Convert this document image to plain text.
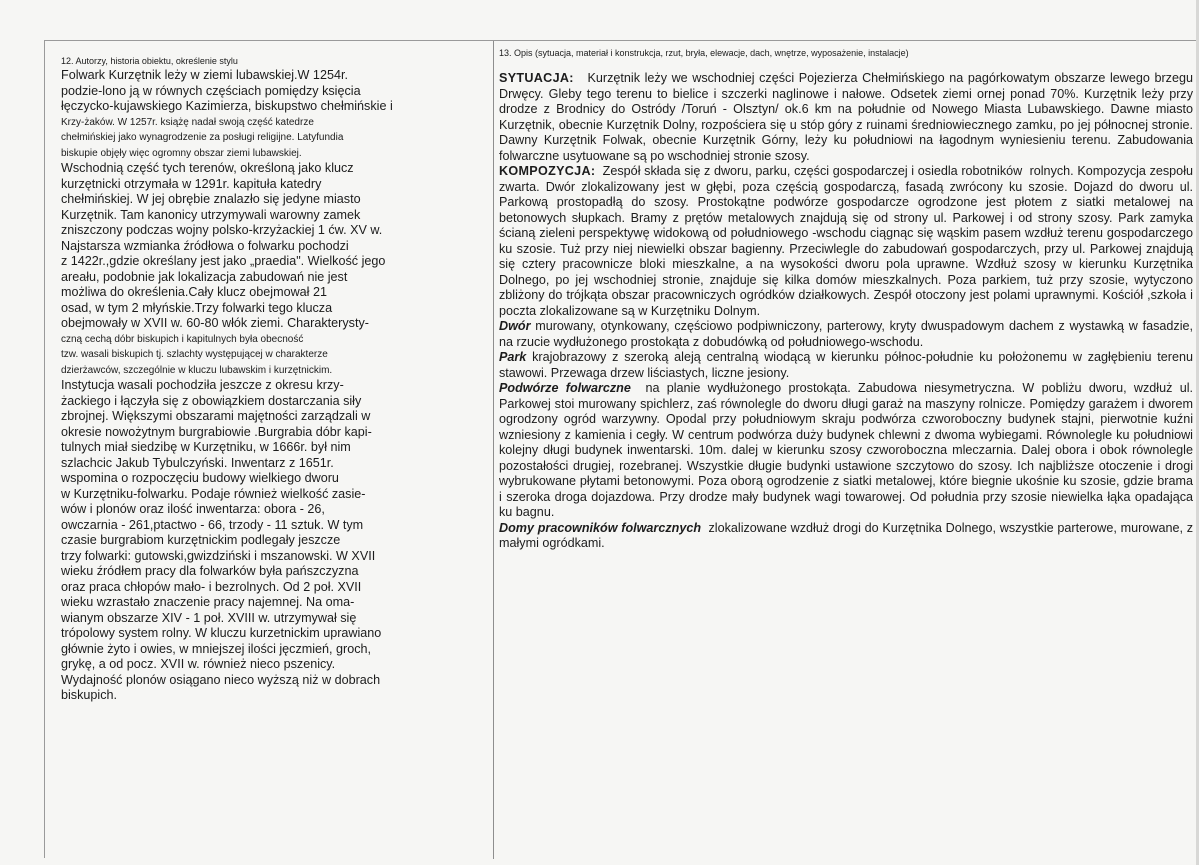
12. Autorzy, historia obiektu, określenie stylu

Folwark Kurzętnik leży w ziemi lubawskiej.W 1254r.

podzie-lono ją w równych częściach pomiędzy księcia

łęczycko-kujawskiego Kazimierza, biskupstwo chełmińskie i

Krzy-żaków. W 1257r. książę nadał swoją część katedrze

chełmińskiej jako wynagrodzenie za posługi religijne. Latyfundia

biskupie objęły więc ogromny obszar ziemi lubawskiej.

Wschodnią część tych terenów, określoną jako klucz

kurzętnicki otrzymała w 1291r. kapituła katedry

chełmińskiej. W jej obrębie znalazło się jedyne miasto

Kurzętnik. Tam kanonicy utrzymywali warowny zamek

zniszczony podczas wojny polsko-krzyżackiej 1 ćw. XV w.

Najstarsza wzmianka źródłowa o folwarku pochodzi

z 1422r.,gdzie określany jest jako „praedia". Wielkość jego

areału, podobnie jak lokalizacja zabudowań nie jest

możliwa do określenia.Cały klucz obejmował 21

osad, w tym 2 młyńskie.Trzy folwarki tego klucza

obejmowały w XVII w. 60-80 włók ziemi. Charakterysty-

czną cechą dóbr biskupich i kapitulnych była obecność

tzw. wasali biskupich tj. szlachty występującej w charakterze

dzierżawców, szczególnie w kluczu lubawskim i kurzętnickim.

Instytucja wasali pochodziła jeszcze z okresu krzy-

żackiego i łączyła się z obowiązkiem dostarczania siły

zbrojnej. Większymi obszarami majętności zarządzali w

okresie nowożytnym burgrabiowie .Burgrabia dóbr kapi-

tulnych miał siedzibę w Kurzętniku, w 1666r. był nim

szlachcic Jakub Tybulczyński. Inwentarz z 1651r.

wspomina o rozpoczęciu budowy wielkiego dworu

w Kurzętniku-folwarku. Podaje również wielkość zasie-

wów i plonów oraz ilość inwentarza: obora - 26,

owczarnia - 261,ptactwo - 66, trzody - 11 sztuk. W tym

czasie burgrabiom kurzętnickim podlegały jeszcze

trzy folwarki: gutowski,gwizdziński i mszanowski. W XVII

wieku źródłem pracy dla folwarków była pańszczyzna

oraz praca chłopów mało- i bezrolnych. Od 2 poł. XVII

wieku wzrastało znaczenie pracy najemnej. Na oma-

wianym obszarze XIV - 1 poł. XVIII w. utrzymywał się

trópolowy system rolny. W kluczu kurzetnickim uprawiano

głównie żyto i owies, w mniejszej ilości jęczmień, groch,

grykę, a od pocz. XVII w. również nieco pszenicy.

Wydajność plonów osiągano nieco wyższą niż w dobrach

biskupich.

13. Opis (sytuacja, materiał i konstrukcja, rzut, bryła, elewacje, dach, wnętrze, wyposażenie, instalacje)

SYTUACJA:   Kurzętnik leży we wschodniej części Pojezierza Chełmińskiego na pagórkowatym obszarze lewego brzegu Drwęcy. Gleby tego terenu to bielice i szczerki naglinowe i nałowe. Odsetek ziemi ornej ponad 70%. Kurzętnik leży przy drodze z Brodnicy do Ostródy /Toruń - Olsztyn/ ok.6 km na południe od Nowego Miasta Lubawskiego. Dawne miasto Kurzętnik, obecnie Kurzętnik Dolny, rozpościera się u stóp góry z ruinami średniowiecznego zamku, po jej północnej stronie. Dawny Kurzętnik Folwak, obecnie Kurzętnik Górny, leży ku południowi na łagodnym wyniesieniu terenu. Zabudowania folwarczne usytuowane są po wschodniej stronie szosy.

KOMPOZYCJA:  Zespół składa się z dworu, parku, części gospodarczej i osiedla robotników  rolnych. Kompozycja zespołu zwarta. Dwór zlokalizowany jest w głębi, poza częścią gospodarczą, fasadą zwrócony ku szosie. Dojazd do dworu ul. Parkową prostopadłą do szosy. Prostokątne podwórze gospodarcze ogrodzone jest płotem z siatki metalowej na betonowych słupkach. Bramy z prętów metalowych znajdują się od strony ul. Parkowej i od strony szosy. Park zamyka ścianą zieleni perspektywę widokową od południowego -wschodu ciągnąc się wąskim pasem wzdłuż terenu gospodarczego ku szosie. Tuż przy niej niewielki obszar bagienny. Przeciwlegle do zabudowań gospodarczych, przy ul. Parkowej znajdują się cztery pracownicze bloki mieszkalne, a na wysokości dworu pola uprawne. Wzdłuż szosy w kierunku Kurzętnika Dolnego, po jej wschodniej stronie, znajduje się kilka domów mieszkalnych. Poza parkiem, tuż przy szosie, wytyczono zbliżony do trójkąta obszar pracowniczych ogródków działkowych. Zespół otoczony jest polami uprawnymi. Kościół ,szkoła i poczta zlokalizowane są w Kurzętniku Dolnym.

Dwór murowany, otynkowany, częściowo podpiwniczony, parterowy, kryty dwuspadowym dachem z wystawką w fasadzie, na rzucie wydłużonego prostokąta z dobudówką od południowego-wschodu.

Park krajobrazowy z szeroką aleją centralną wiodącą w kierunku północ-południe ku położonemu w zagłębieniu terenu stawowi. Przewaga drzew liściastych, liczne jesiony.

Podwórze folwarczne  na planie wydłużonego prostokąta. Zabudowa niesymetryczna. W pobliżu dworu, wzdłuż ul. Parkowej stoi murowany spichlerz, zaś równolegle do dworu długi garaż na maszyny rolnicze. Pomiędzy garażem i dworem ogrodzony ogród warzywny. Opodal przy południowym skraju podwórza czworoboczny budynek stajni, pierwotnie kuźni wzniesiony z kamienia i cegły. W centrum podwórza duży budynek chlewni z dwoma wybiegami. Równolegle ku południowi kolejny długi budynek inwentarski. 10m. dalej w kierunku szosy czworoboczna mleczarnia. Dalej obora i obok równolegle pozostałości drugiej, rozebranej. Wszystkie długie budynki ustawione szczytowo do szosy. Ich najbliższe otoczenie i drogi wybrukowane płytami betonowymi. Poza oborą ogrodzenie z siatki metalowej, które biegnie ukośnie ku szosie, gdzie brama i szeroka droga dojazdowa. Przy drodze mały budynek wagi towarowej. Od południa przy szosie niewielka łąka opadająca ku bagnu.

Domy pracowników folwarcznych  zlokalizowane wzdłuż drogi do Kurzętnika Dolnego, wszystkie parterowe, murowane, z małymi ogródkami.
